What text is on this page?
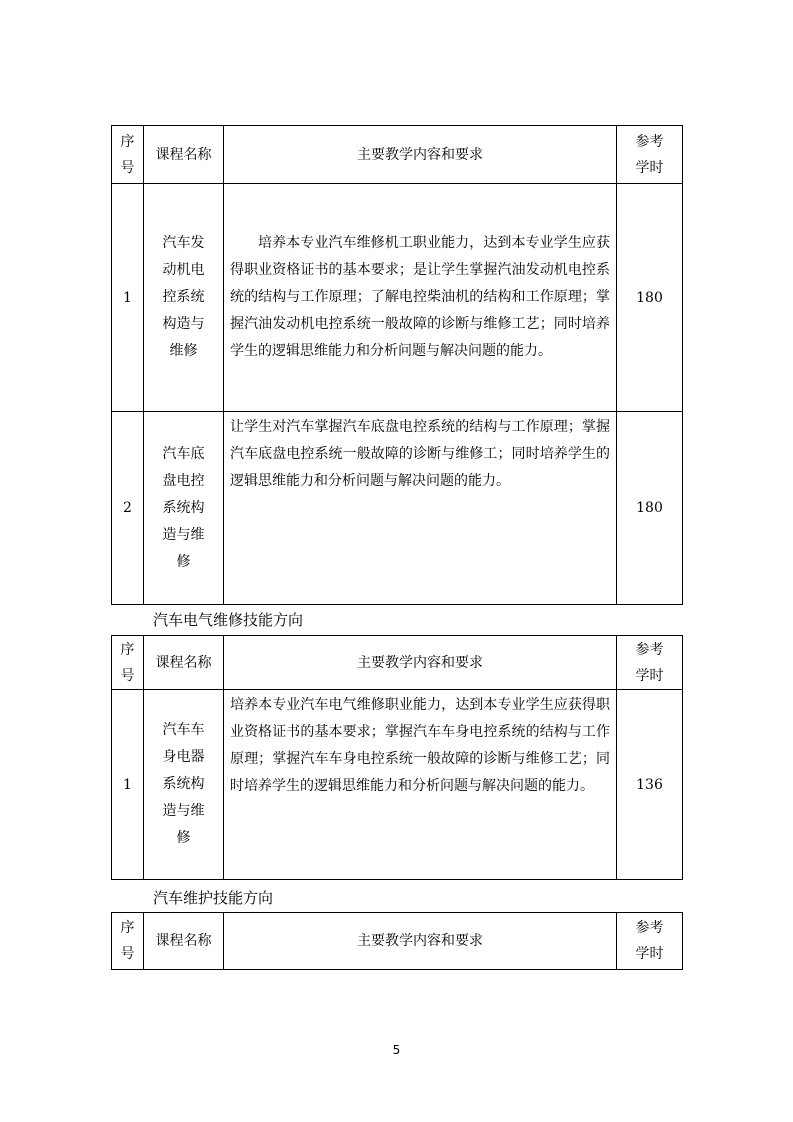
序号	课程名称	主要教学内容和要求	参考学时
1	汽车发动机电控系统构造与维修	培养本专业汽车维修机工职业能力，达到本专业学生应获得职业资格证书的基本要求；是让学生掌握汽油发动机电控系统的结构与工作原理；了解电控柴油机的结构和工作原理；掌握汽油发动机电控系统一般故障的诊断与维修工艺；同时培养学生的逻辑思维能力和分析问题与解决问题的能力。	180
2	汽车底盘电控系统构造与维修	让学生对汽车掌握汽车底盘电控系统的结构与工作原理；掌握汽车底盘电控系统一般故障的诊断与维修工；同时培养学生的逻辑思维能力和分析问题与解决问题的能力。	180
汽车电气维修技能方向
序号	课程名称	主要教学内容和要求	参考学时
1	汽车车身电器系统构造与维修	培养本专业汽车电气维修职业能力，达到本专业学生应获得职业资格证书的基本要求；掌握汽车车身电控系统的结构与工作原理；掌握汽车车身电控系统一般故障的诊断与维修工艺；同时培养学生的逻辑思维能力和分析问题与解决问题的能力。	136
汽车维护技能方向
序号	课程名称	主要教学内容和要求	参考学时
5
